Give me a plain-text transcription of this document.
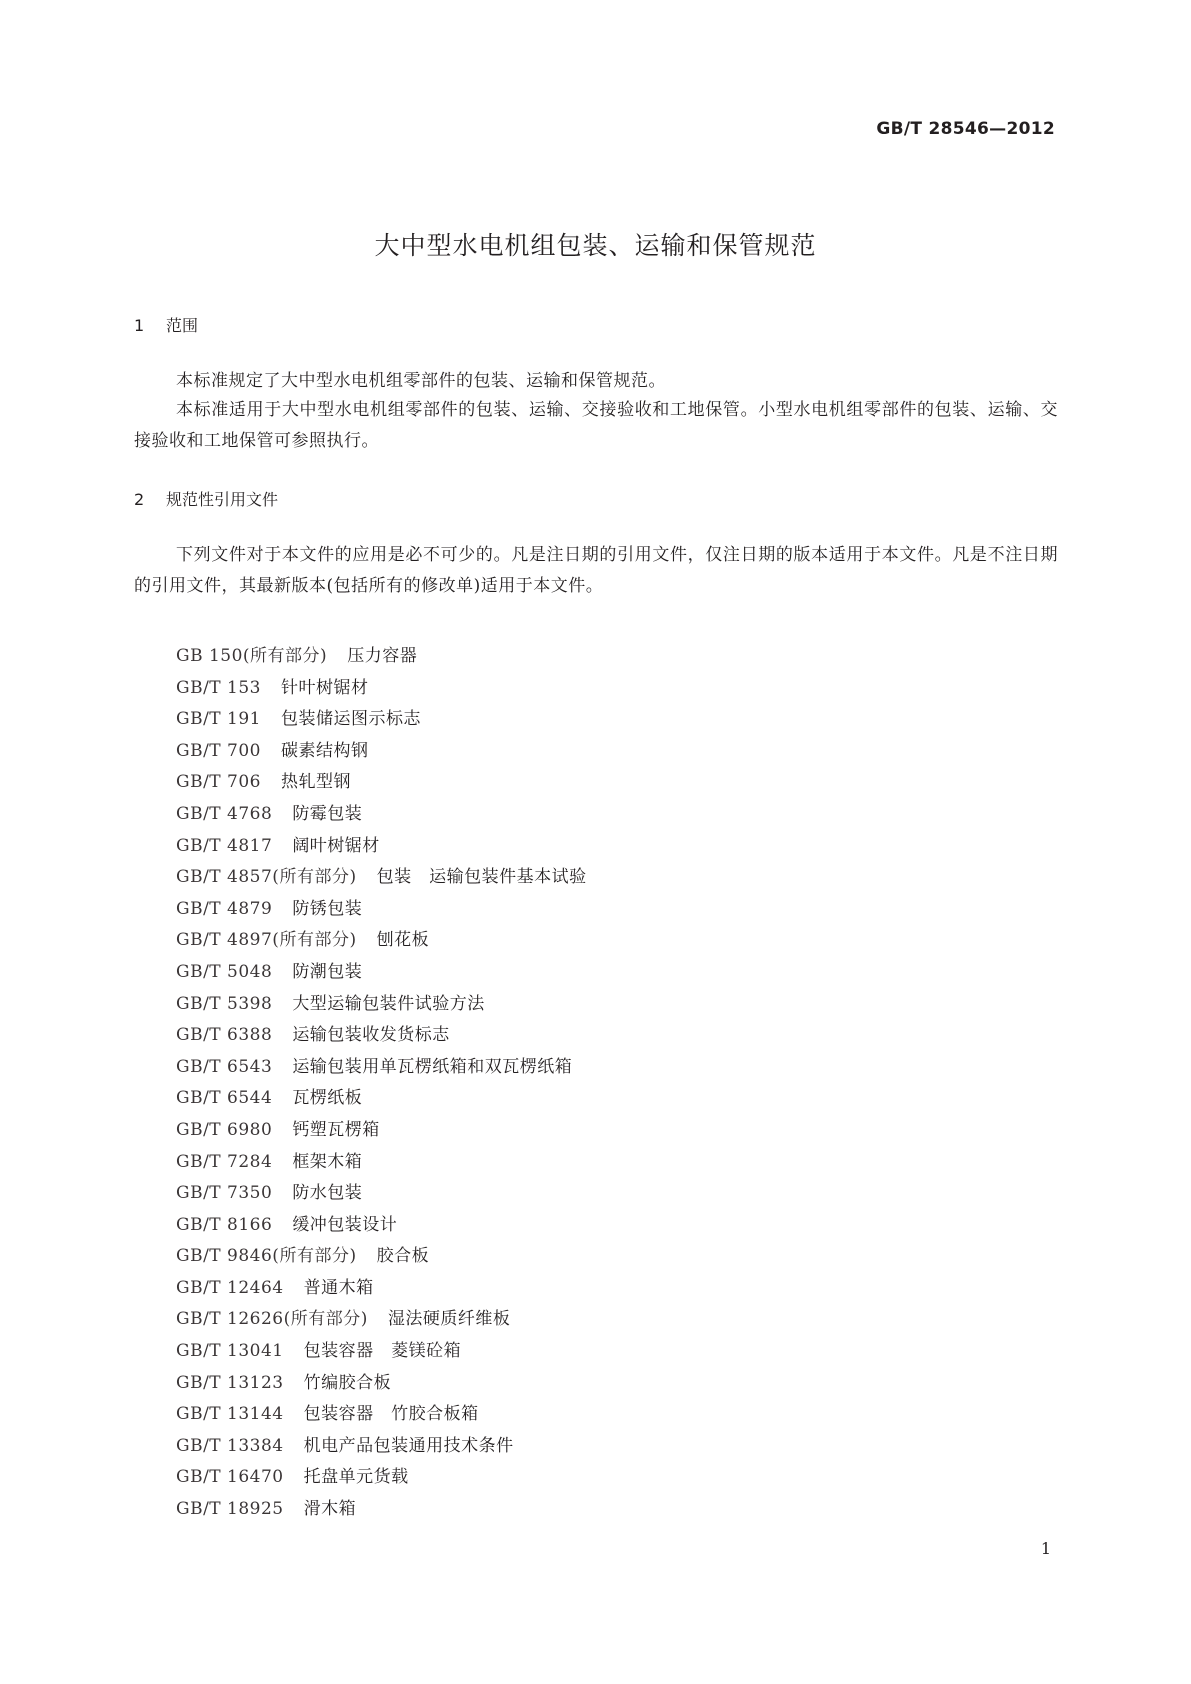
GB/T 28546—2012
大中型水电机组包装、运输和保管规范
1 范围

本标准规定了大中型水电机组零部件的包装、运输和保管规范。

本标准适用于大中型水电机组零部件的包装、运输、交接验收和工地保管。小型水电机组零部件的包装、运输、交接验收和工地保管可参照执行。

2 规范性引用文件

下列文件对于本文件的应用是必不可少的。凡是注日期的引用文件，仅注日期的版本适用于本文件。凡是不注日期的引用文件，其最新版本(包括所有的修改单)适用于本文件。

GB 150(所有部分) 压力容器
GB/T 153 针叶树锯材
GB/T 191 包装储运图示标志
GB/T 700 碳素结构钢
GB/T 706 热轧型钢
GB/T 4768 防霉包装
GB/T 4817 阔叶树锯材
GB/T 4857(所有部分) 包装　运输包装件基本试验
GB/T 4879 防锈包装
GB/T 4897(所有部分) 刨花板
GB/T 5048 防潮包装
GB/T 5398 大型运输包装件试验方法
GB/T 6388 运输包装收发货标志
GB/T 6543 运输包装用单瓦楞纸箱和双瓦楞纸箱
GB/T 6544 瓦楞纸板
GB/T 6980 钙塑瓦楞箱
GB/T 7284 框架木箱
GB/T 7350 防水包装
GB/T 8166 缓冲包装设计
GB/T 9846(所有部分) 胶合板
GB/T 12464 普通木箱
GB/T 12626(所有部分) 湿法硬质纤维板
GB/T 13041 包装容器　菱镁砼箱
GB/T 13123 竹编胶合板
GB/T 13144 包装容器　竹胶合板箱
GB/T 13384 机电产品包装通用技术条件
GB/T 16470 托盘单元货载
GB/T 18925 滑木箱
1
